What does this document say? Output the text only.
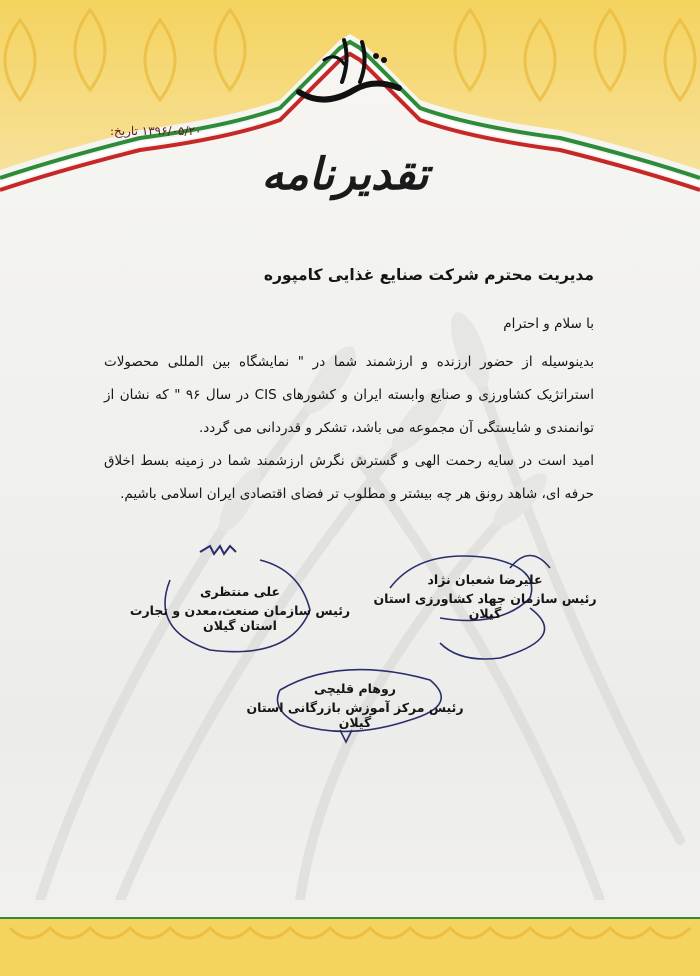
۱۳۹۶/۰۵/۲۰ تاریخ:
تقدیرنامه
مدیریت محترم شرکت صنایع غذایی کامپوره
با سلام و احترام
بدینوسیله از حضور ارزنده و ارزشمند شما در " نمایشگاه بین المللی محصولات استراتژیک کشاورزی و صنایع وابسته ایران و کشورهای CIS در سال ۹۶ " که نشان از توانمندی و شایستگی آن مجموعه می باشد، تشکر و قدردانی می گردد.
امید است در سایه رحمت الهی و گسترش نگرش ارزشمند شما در زمینه بسط اخلاق حرفه ای، شاهد رونق هر چه بیشتر و مطلوب تر فضای اقتصادی ایران اسلامی باشیم.
علی منتظری
رئیس سازمان صنعت،معدن و تجارت استان گیلان
علیرضا شعبان نژاد
رئیس سازمان جهاد کشاورزی استان گیلان
روهام قلیچی
رئیس مرکز آموزش بازرگانی استان گیلان
